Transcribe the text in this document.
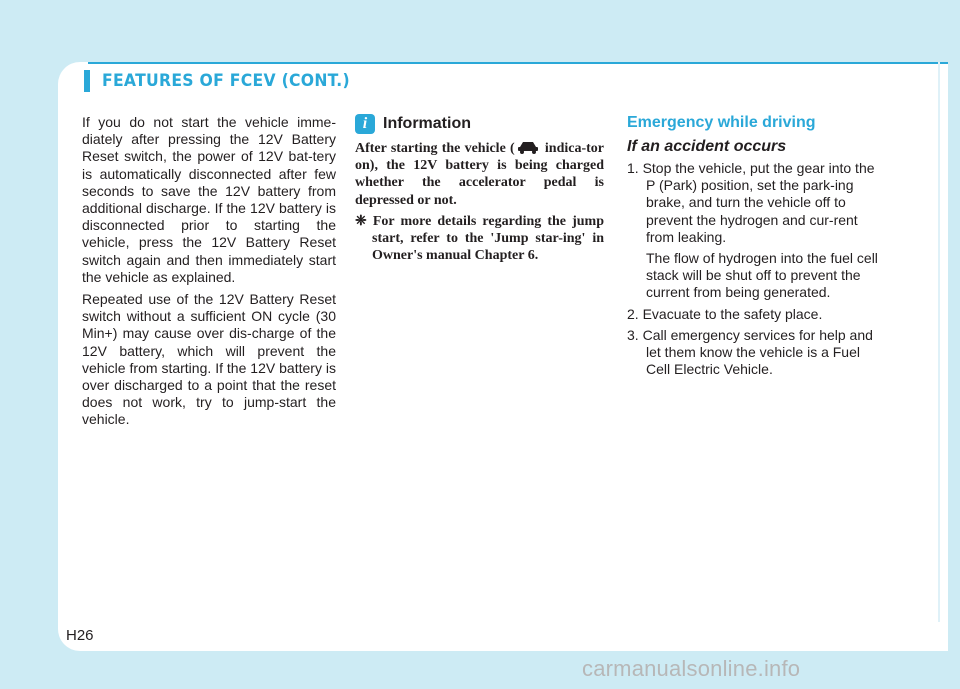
FEATURES OF FCEV (CONT.)

If you do not start the vehicle imme-diately after pressing the 12V Battery Reset switch, the power of 12V bat-tery is automatically disconnected after few seconds to save the 12V battery from additional discharge. If the 12V battery is disconnected prior to starting the vehicle, press the 12V Battery Reset switch again and then immediately start the vehicle as explained.

Repeated use of the 12V Battery Reset switch without a sufficient ON cycle (30 Min+) may cause over dis-charge of the 12V battery, which will prevent the vehicle from starting. If the 12V battery is over discharged to a point that the reset does not work, try to jump-start the vehicle.

i Information

After starting the vehicle ( indica-tor on), the 12V battery is being charged whether the accelerator pedal is depressed or not.

❈ For more details regarding the jump start, refer to the 'Jump star-ing' in Owner's manual Chapter 6.

Emergency while driving

If an accident occurs

1. Stop the vehicle, put the gear into the P (Park) position, set the park-ing brake, and turn the vehicle off to prevent the hydrogen and cur-rent from leaking.

The flow of hydrogen into the fuel cell stack will be shut off to prevent the current from being generated.

2. Evacuate to the safety place.

3. Call emergency services for help and let them know the vehicle is a Fuel Cell Electric Vehicle.

H26
carmanualsonline.info
